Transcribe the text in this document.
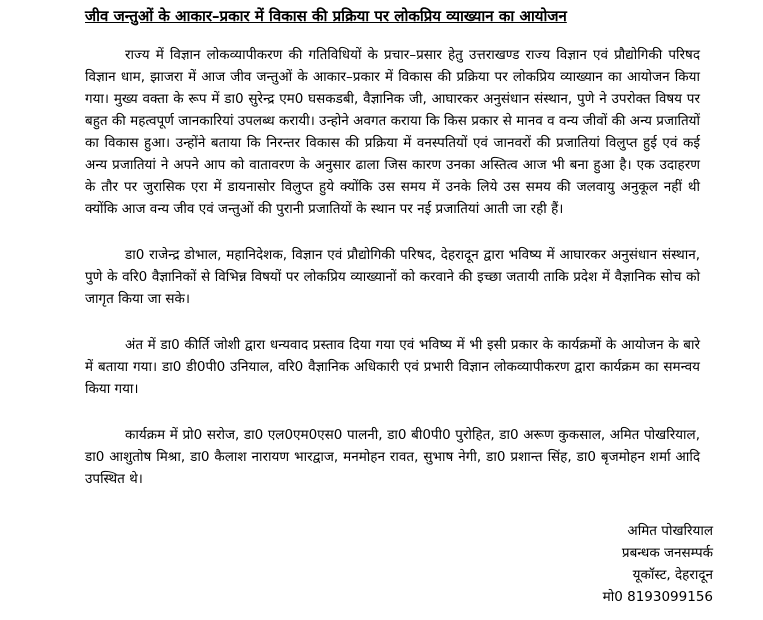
जीव जन्तुओं के आकार–प्रकार में विकास की प्रक्रिया पर लोकप्रिय व्याख्यान का आयोजन

राज्य में विज्ञान लोकव्यापीकरण की गतिविधियों के प्रचार–प्रसार हेतु उत्तराखण्ड राज्य विज्ञान एवं प्रौद्योगिकी परिषद विज्ञान धाम, झाजरा में आज जीव जन्तुओं के आकार–प्रकार में विकास की प्रक्रिया पर लोकप्रिय व्याख्यान का आयोजन किया गया। मुख्य वक्ता के रूप में डा0 सुरेन्द्र एम0 घसकडबी, वैज्ञानिक जी, आघारकर अनुसंधान संस्थान, पुणे ने उपरोक्त विषय पर बहुत की महत्वपूर्ण जानकारियां उपलब्ध करायी। उन्होने अवगत कराया कि किस प्रकार से मानव व वन्य जीवों की अन्य प्रजातियों का विकास हुआ। उन्होंने बताया कि निरन्तर विकास की प्रक्रिया में वनस्पतियों एवं जानवरों की प्रजातियां विलुप्त हुई एवं कई अन्य प्रजातियां ने अपने आप को वातावरण के अनुसार ढाला जिस कारण उनका अस्तित्व आज भी बना हुआ है। एक उदाहरण के तौर पर जुरासिक एरा में डायनासोर विलुप्त हुये क्योंकि उस समय में उनके लिये उस समय की जलवायु अनुकूल नहीं थी क्योंकि आज वन्य जीव एवं जन्तुओं की पुरानी प्रजातियों के स्थान पर नई प्रजातियां आती जा रही हैं।

डा0 राजेन्द्र डोभाल, महानिदेशक, विज्ञान एवं प्रौद्योगिकी परिषद, देहरादून द्वारा भविष्य में आघारकर अनुसंधान संस्थान, पुणे के वरि0 वैज्ञानिकों से विभिन्न विषयों पर लोकप्रिय व्याख्यानों को करवाने की इच्छा जतायी ताकि प्रदेश में वैज्ञानिक सोच को जागृत किया जा सके।

अंत में डा0 कीर्ति जोशी द्वारा धन्यवाद प्रस्ताव दिया गया एवं भविष्य में भी इसी प्रकार के कार्यक्रमों के आयोजन के बारे में बताया गया। डा0 डी0पी0 उनियाल, वरि0 वैज्ञानिक अधिकारी एवं प्रभारी विज्ञान लोकव्यापीकरण द्वारा कार्यक्रम का समन्वय किया गया।

कार्यक्रम में प्रो0 सरोज, डा0 एल0एम0एस0 पालनी, डा0 बी0पी0 पुरोहित, डा0 अरूण कुकसाल, अमित पोखरियाल, डा0 आशुतोष मिश्रा, डा0 कैलाश नारायण भारद्वाज, मनमोहन रावत, सुभाष नेगी, डा0 प्रशान्त सिंह, डा0 बृजमोहन शर्मा आदि उपस्थित थे।

अमित पोखरियाल
प्रबन्धक जनसम्पर्क
यूकॉस्ट, देहरादून
मो0 8193099156
